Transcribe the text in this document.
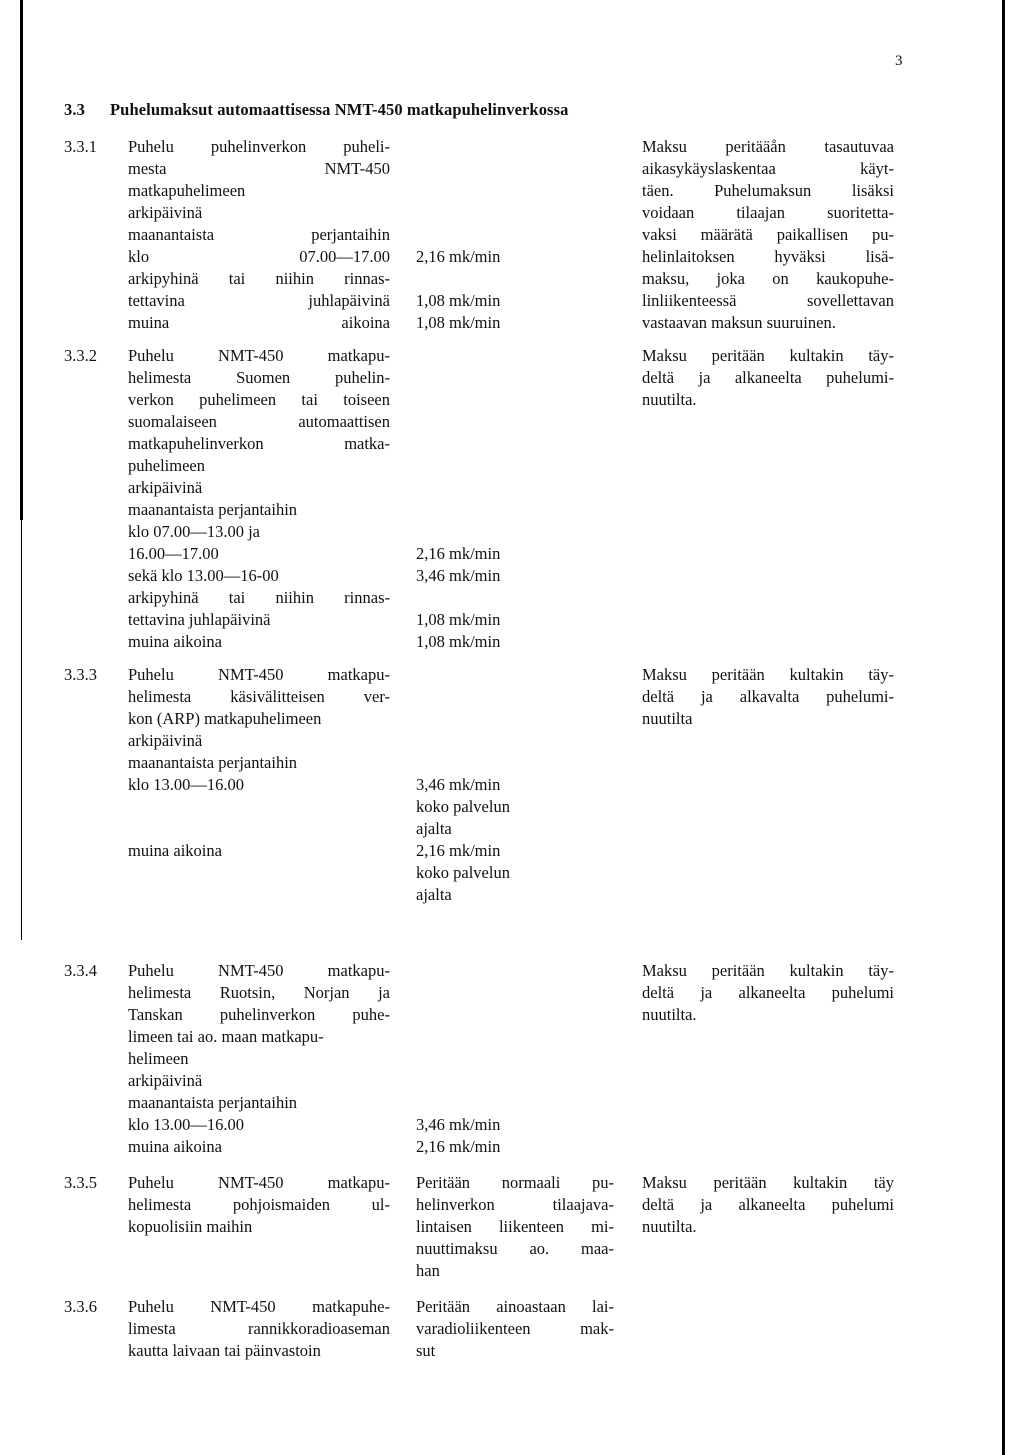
3
3.3 Puhelumaksut automaattisessa NMT-450 matkapuhelinverkossa
3.3.1 Puhelu puhelinverkon puheli-
mesta NMT-450
matkapuhelimeen
arkipäivinä
maanantaista perjantaihin
klo 07.00—17.00
arkipyhinä tai niihin rinnas-
tettavina juhlapäivinä
muina aikoina
2,16 mk/min
1,08 mk/min
1,08 mk/min
Maksu peritääån tasautuvaa
aikasykäyslaskentaa käyt-
täen. Puhelumaksun lisäksi
voidaan tilaajan suoritetta-
vaksi määrätä paikallisen pu-
helinlaitoksen hyväksi lisä-
maksu, joka on kaukopuhe-
linliikenteessä sovellettavan
vastaavan maksun suuruinen.
3.3.2 Puhelu NMT-450 matkapu-
helimesta Suomen puhelin-
verkon puhelimeen tai toiseen
suomalaiseen automaattisen
matkapuhelinverkon matka-
puhelimeen
arkipäivinä
maanantaista perjantaihin
klo 07.00—13.00 ja
16.00—17.00
sekä klo 13.00—16-00
arkipyhinä tai niihin rinnas-
tettavina juhlapäivinä
muina aikoina
2,16 mk/min
3,46 mk/min
1,08 mk/min
1,08 mk/min
Maksu peritään kultakin täy-
deltä ja alkaneelta puhelumi-
nuutilta.
3.3.3 Puhelu NMT-450 matkapu-
helimesta käsivälitteisen ver-
kon (ARP) matkapuhelimeen
arkipäivinä
maanantaista perjantaihin
klo 13.00—16.00
muina aikoina
3,46 mk/min
koko palvelun
ajalta
2,16 mk/min
koko palvelun
ajalta
Maksu peritään kultakin täy-
deltä ja alkavalta puhelumi-
nuutilta
3.3.4 Puhelu NMT-450 matkapu-
helimesta Ruotsin, Norjan ja
Tanskan puhelinverkon puhe-
limeen tai ao. maan matkapu-
helimeen
arkipäivinä
maanantaista perjantaihin
klo 13.00—16.00
muina aikoina
3,46 mk/min
2,16 mk/min
Maksu peritään kultakin täy-
deltä ja alkaneelta puhelumi
nuutilta.
3.3.5 Puhelu NMT-450 matkapu-
helimesta pohjoismaiden ul-
kopuolisiin maihin
Peritään normaali pu-
helinverkon tilaajava-
lintaisen liikenteen mi-
nuuttimaksu ao. maa-
han
Maksu peritään kultakin täy
deltä ja alkaneelta puhelumi
nuutilta.
3.3.6 Puhelu NMT-450 matkapuhe-
limesta rannikkoradioaseman
kautta laivaan tai päinvastoin
Peritään ainoastaan lai-
varadioliikenteen mak-
sut
